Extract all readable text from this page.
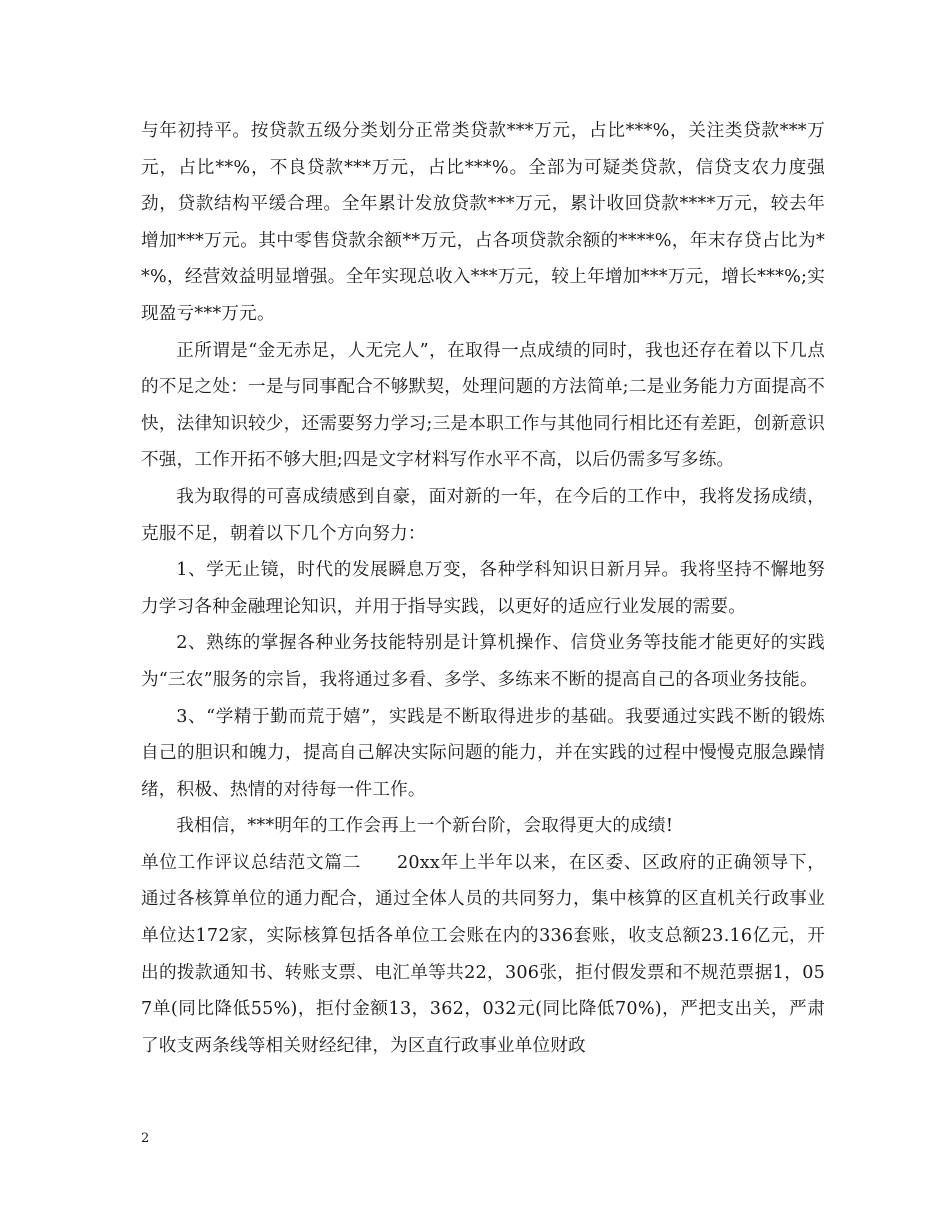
与年初持平。按贷款五级分类划分正常类贷款***万元，占比***%，关注类贷款***万元，占比**%，不良贷款***万元，占比***%。全部为可疑类贷款，信贷支农力度强劲，贷款结构平缓合理。全年累计发放贷款***万元，累计收回贷款****万元，较去年增加***万元。其中零售贷款余额**万元，占各项贷款余额的****%，年末存贷占比为**%，经营效益明显增强。全年实现总收入***万元，较上年增加***万元，增长***%;实现盈亏***万元。

正所谓是“金无赤足，人无完人”，在取得一点成绩的同时，我也还存在着以下几点的不足之处：一是与同事配合不够默契，处理问题的方法简单;二是业务能力方面提高不快，法律知识较少，还需要努力学习;三是本职工作与其他同行相比还有差距，创新意识不强，工作开拓不够大胆;四是文字材料写作水平不高，以后仍需多写多练。

我为取得的可喜成绩感到自豪，面对新的一年，在今后的工作中，我将发扬成绩，克服不足，朝着以下几个方向努力：

1、学无止镜，时代的发展瞬息万变，各种学科知识日新月异。我将坚持不懈地努力学习各种金融理论知识，并用于指导实践，以更好的适应行业发展的需要。

2、熟练的掌握各种业务技能特别是计算机操作、信贷业务等技能才能更好的实践为“三农”服务的宗旨，我将通过多看、多学、多练来不断的提高自己的各项业务技能。

3、“学精于勤而荒于嬉”，实践是不断取得进步的基础。我要通过实践不断的锻炼自己的胆识和魄力，提高自己解决实际问题的能力，并在实践的过程中慢慢克服急躁情绪，积极、热情的对待每一件工作。

我相信，***明年的工作会再上一个新台阶，会取得更大的成绩!

单位工作评议总结范文篇二 20xx年上半年以来，在区委、区政府的正确领导下，通过各核算单位的通力配合，通过全体人员的共同努力，集中核算的区直机关行政事业单位达172家，实际核算包括各单位工会账在内的336套账，收支总额23.16亿元，开出的拨款通知书、转账支票、电汇单等共22，306张，拒付假发票和不规范票据1，057单(同比降低55%)，拒付金额13，362，032元(同比降低70%)，严把支出关，严肃了收支两条线等相关财经纪律，为区直行政事业单位财政

2
